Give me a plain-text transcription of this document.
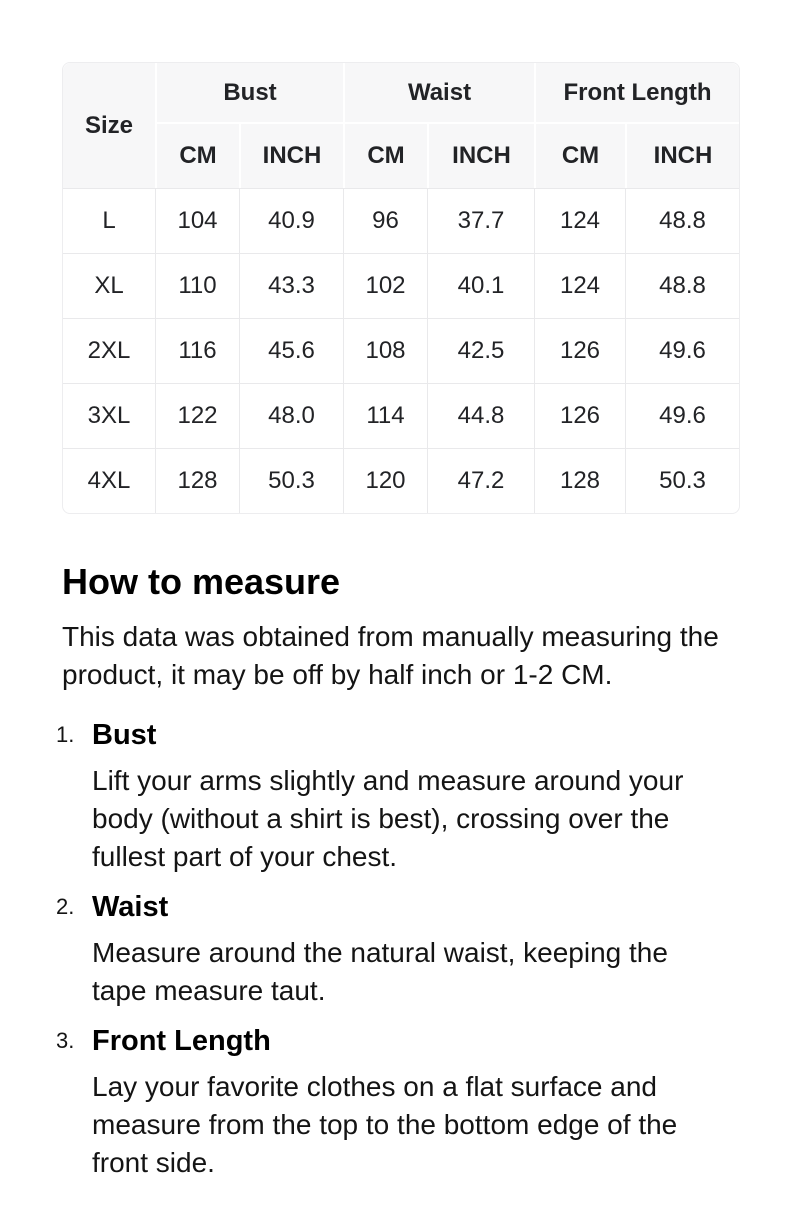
Size	Bust		Waist		Front Length	
	CM	INCH	CM	INCH	CM	INCH
L	104	40.9	96	37.7	124	48.8
XL	110	43.3	102	40.1	124	48.8
2XL	116	45.6	108	42.5	126	49.6
3XL	122	48.0	114	44.8	126	49.6
4XL	128	50.3	120	47.2	128	50.3
How to measure

This data was obtained from manually measuring the product, it may be off by half inch or 1-2 CM.

1. Bust

Lift your arms slightly and measure around your body (without a shirt is best), crossing over the fullest part of your chest.

2. Waist

Measure around the natural waist, keeping the tape measure taut.

3. Front Length

Lay your favorite clothes on a flat surface and measure from the top to the bottom edge of the front side.
